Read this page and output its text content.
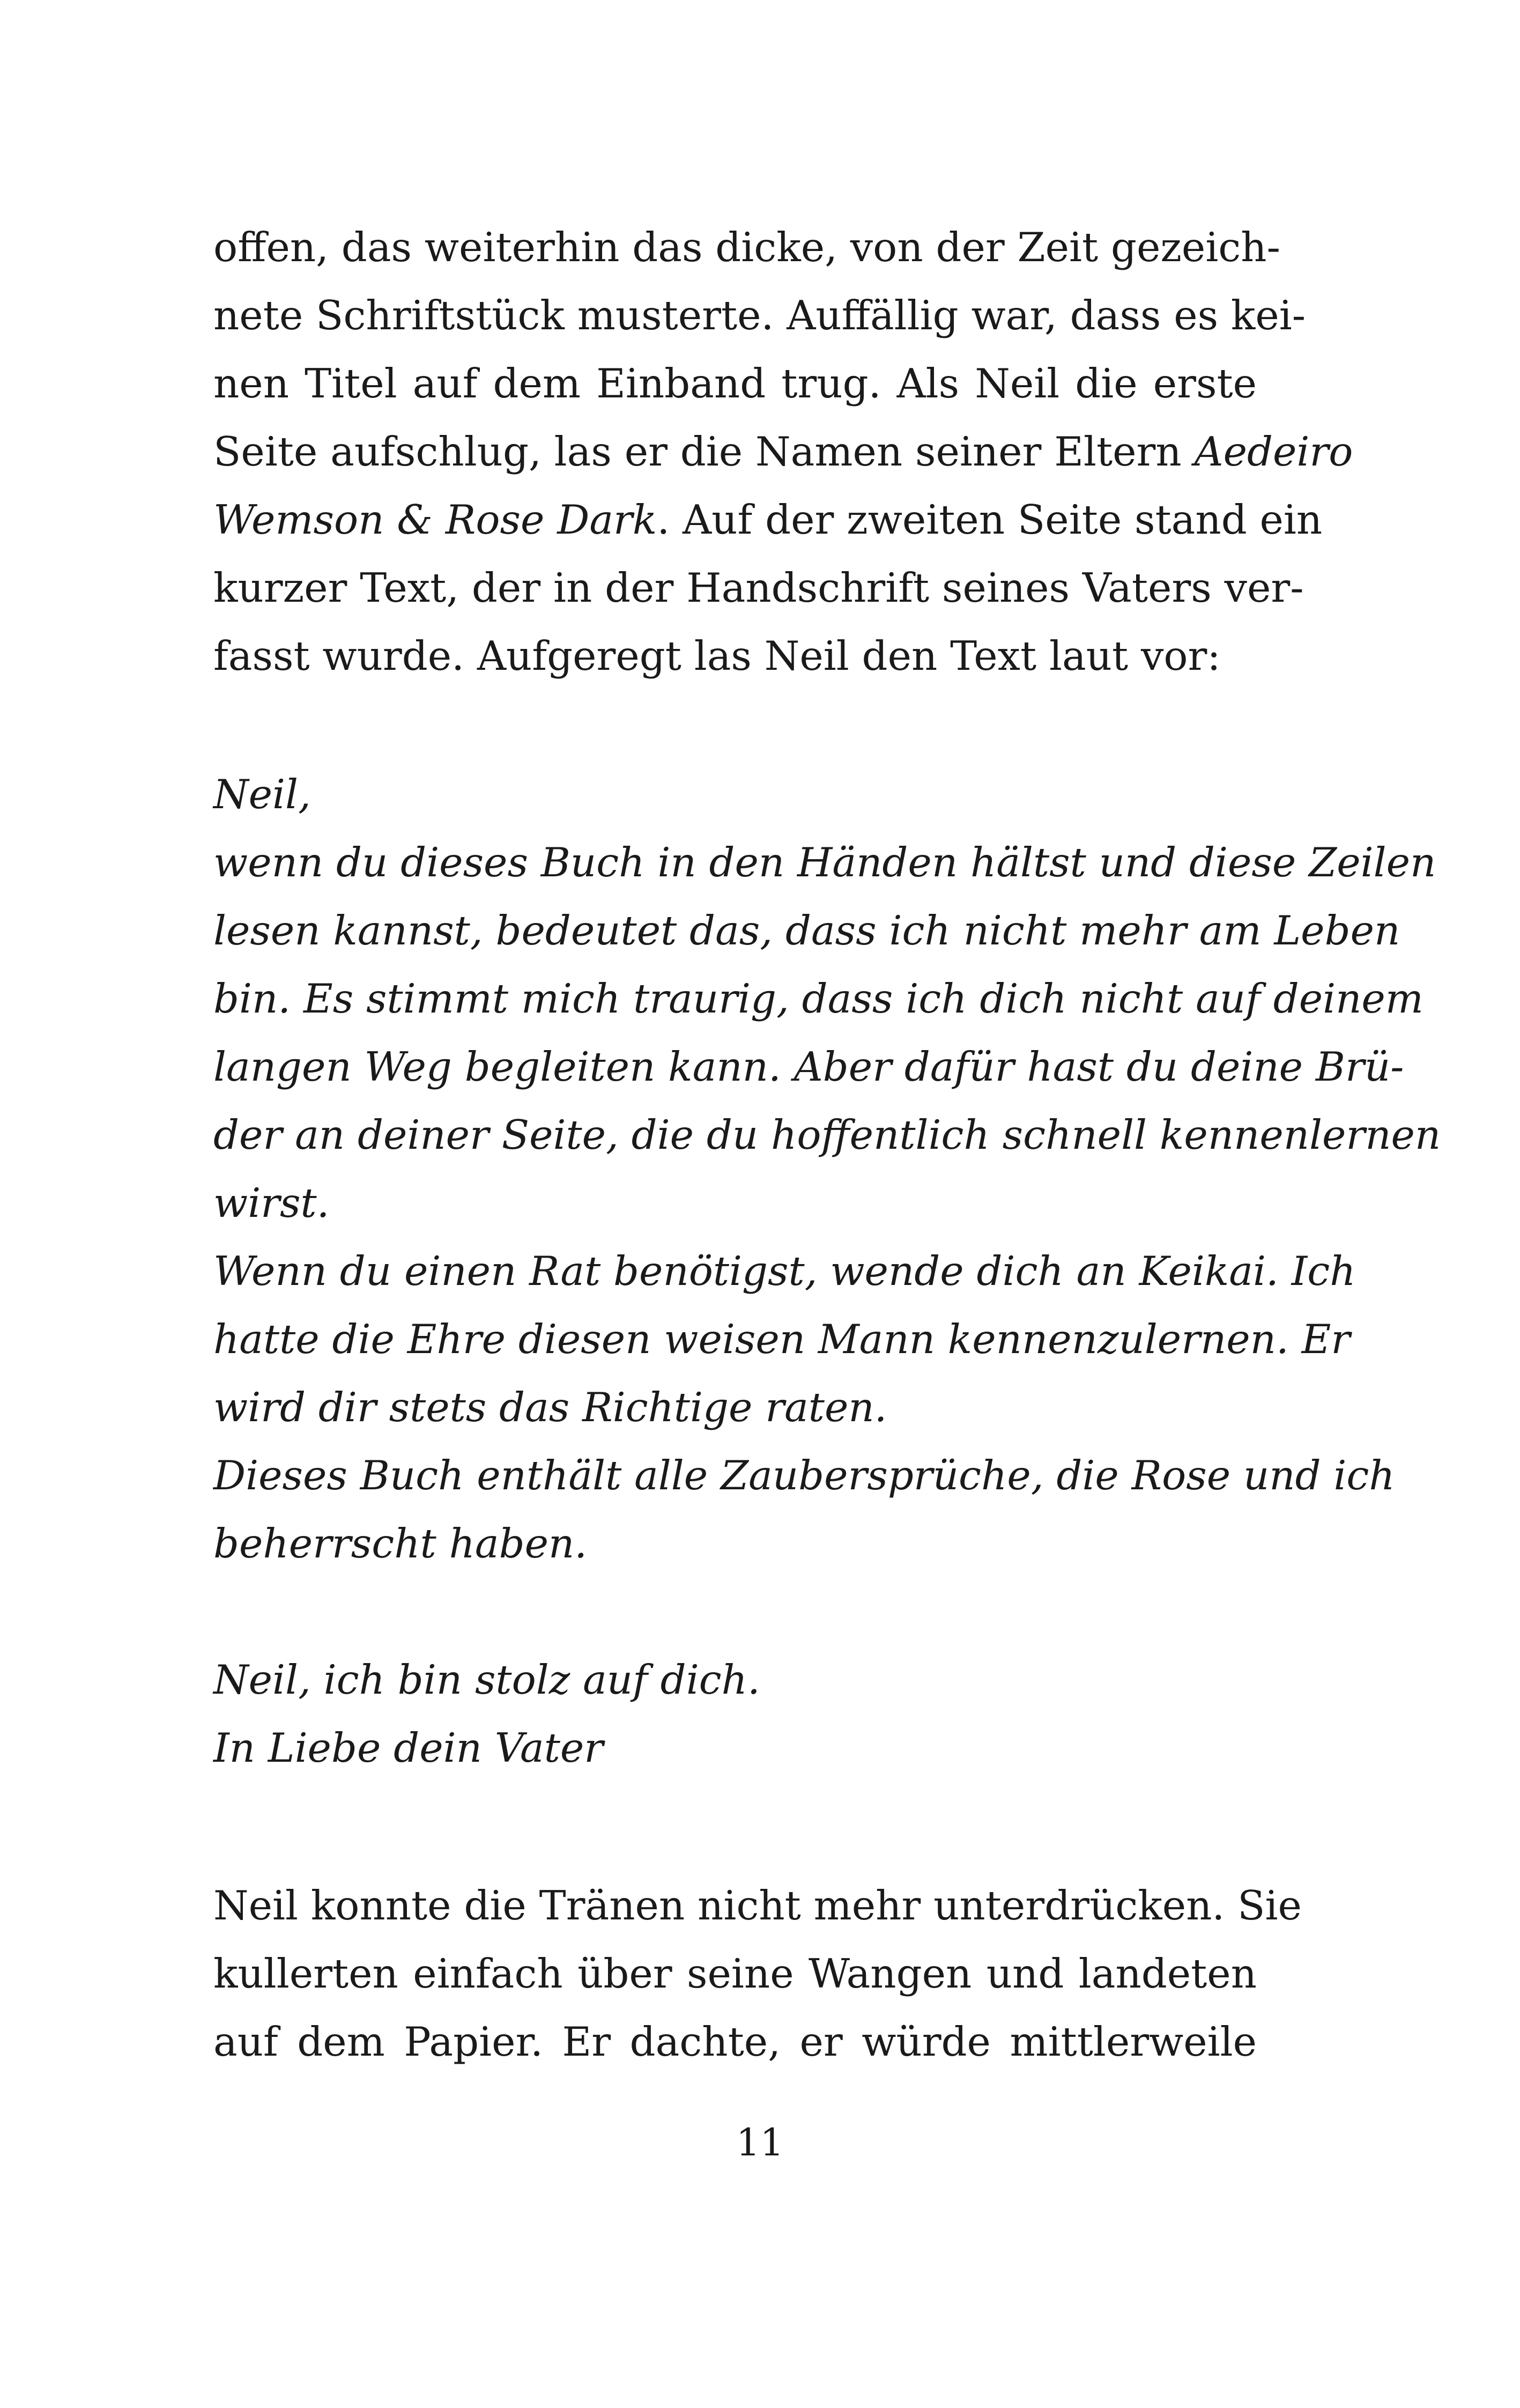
offen, das weiterhin das dicke, von der Zeit gezeich-
nete Schriftstück musterte. Auffällig war, dass es kei-
nen Titel auf dem Einband trug. Als Neil die erste
Seite aufschlug, las er die Namen seiner Eltern Aedeiro
Wemson & Rose Dark. Auf der zweiten Seite stand ein
kurzer Text, der in der Handschrift seines Vaters ver-
fasst wurde. Aufgeregt las Neil den Text laut vor:
Neil,
wenn du dieses Buch in den Händen hältst und diese Zeilen
lesen kannst, bedeutet das, dass ich nicht mehr am Leben
bin. Es stimmt mich traurig, dass ich dich nicht auf deinem
langen Weg begleiten kann. Aber dafür hast du deine Brü-
der an deiner Seite, die du hoffentlich schnell kennenlernen
wirst.
Wenn du einen Rat benötigst, wende dich an Keikai. Ich
hatte die Ehre diesen weisen Mann kennenzulernen. Er
wird dir stets das Richtige raten.
Dieses Buch enthält alle Zaubersprüche, die Rose und ich
beherrscht haben.
Neil, ich bin stolz auf dich.
In Liebe dein Vater
Neil konnte die Tränen nicht mehr unterdrücken. Sie
kullerten einfach über seine Wangen und landeten
auf dem Papier. Er dachte, er würde mittlerweile
11
